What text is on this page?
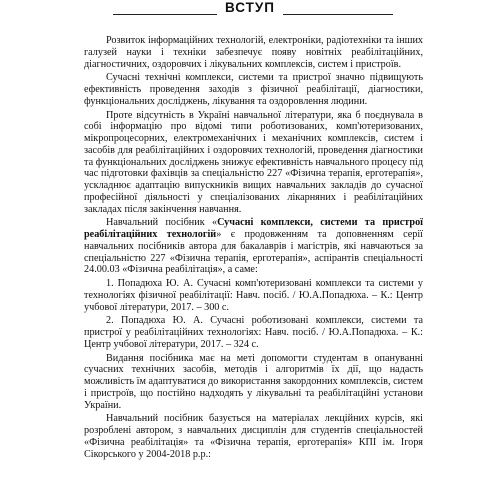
ВСТУП

Розвиток інформаційних технологій, електроніки, радіотехніки та інших галузей науки і техніки забезпечує появу новітніх реабілітаційних, діагностичних, оздоровчих і лікувальних комплексів, систем і пристроїв.

Сучасні технічні комплекси, системи та пристрої значно підвищують ефективність проведення заходів з фізичної реабілітації, діагностики, функціональних досліджень, лікування та оздоровлення людини.

Проте відсутність в Україні навчальної літератури, яка б поєднувала в собі інформацію про відомі типи роботизованих, комп'ютеризованих, мікропроцесорних, електромеханічних і механічних комплексів, систем і засобів для реабілітаційних і оздоровчих технологій, проведення діагностики та функціональних досліджень знижує ефективність навчального процесу під час підготовки фахівців за спеціальністю 227 «Фізична терапія, ерготерапія», ускладнює адаптацію випускників вищих навчальних закладів до сучасної професійної діяльності у спеціалізованих лікарняних і реабілітаційних закладах після закінчення навчання.

Навчальний посібник «Сучасні комплекси, системи та пристрої реабілітаційних технологій» є продовженням та доповненням серії навчальних посібників автора для бакалаврів і магістрів, які навчаються за спеціальністю 227 «Фізична терапія, ерготерапія», аспірантів спеціальності 24.00.03 «Фізична реабілітація», а саме:

1. Попадюха Ю. А. Сучасні комп'ютеризовані комплекси та системи у технологіях фізичної реабілітації: Навч. посіб. / Ю.А.Попадюха. – К.: Центр учбової літератури, 2017. – 300 с.

2. Попадюха Ю. А. Сучасні роботизовані комплекси, системи та пристрої у реабілітаційних технологіях: Навч. посіб. / Ю.А.Попадюха. – К.: Центр учбової літератури, 2017. – 324 с.

Видання посібника має на меті допомогти студентам в опануванні сучасних технічних засобів, методів і алгоритмів їх дії, що надасть можливість їм адаптуватися до використання закордонних комплексів, систем і пристроїв, що постійно надходять у лікувальні та реабілітаційні установи України.

Навчальний посібник базується на матеріалах лекційних курсів, які розроблені автором, з навчальних дисциплін для студентів спеціальностей «Фізична реабілітація» та «Фізична терапія, ерготерапія» КПІ ім. Ігоря Сікорського у 2004-2018 р.р.:
